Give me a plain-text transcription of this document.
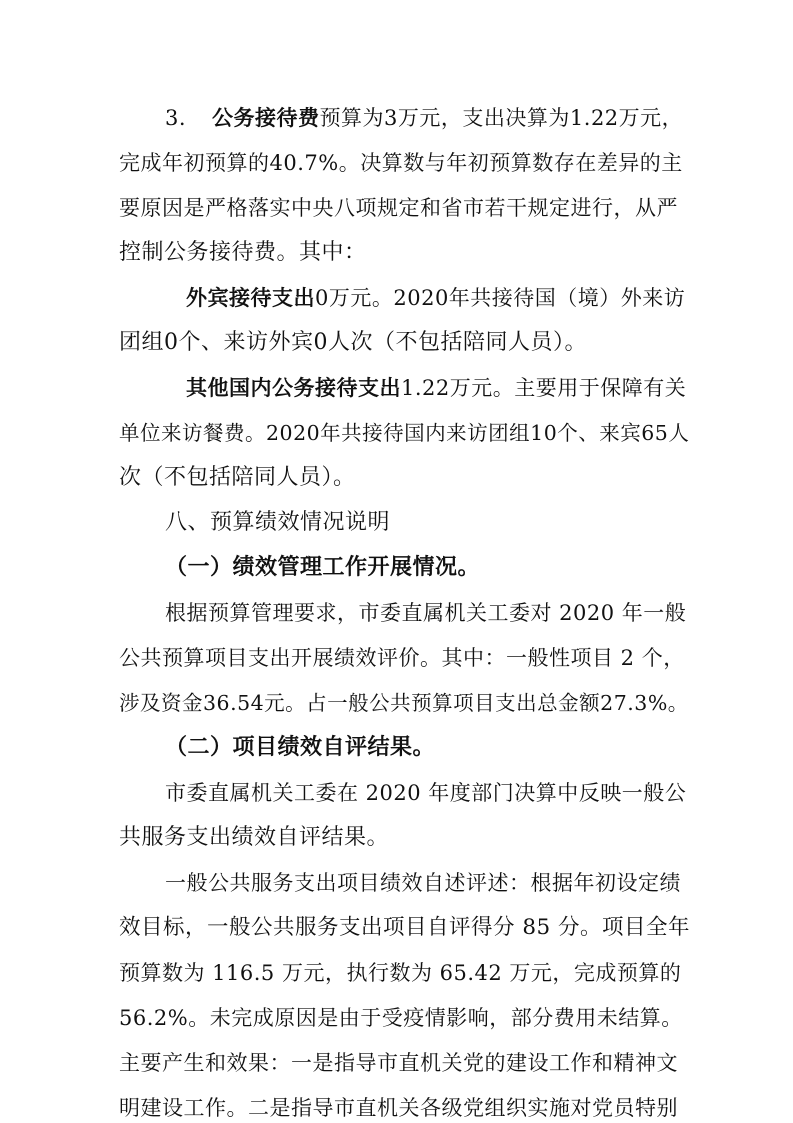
3. 公务接待费预算为3万元，支出决算为1.22万元，
完成年初预算的40.7%。决算数与年初预算数存在差异的主
要原因是严格落实中央八项规定和省市若干规定进行，从严
控制公务接待费。其中：
外宾接待支出0万元。2020年共接待国（境）外来访
团组0个、来访外宾0人次（不包括陪同人员）。
其他国内公务接待支出1.22万元。主要用于保障有关
单位来访餐费。2020年共接待国内来访团组10个、来宾65人
次（不包括陪同人员）。
八、预算绩效情况说明
（一）绩效管理工作开展情况。
根据预算管理要求，市委直属机关工委对 2020 年一般
公共预算项目支出开展绩效评价。其中：一般性项目 2 个，
涉及资金36.54元。占一般公共预算项目支出总金额27.3%。
（二）项目绩效自评结果。
市委直属机关工委在 2020 年度部门决算中反映一般公
共服务支出绩效自评结果。
一般公共服务支出项目绩效自述评述：根据年初设定绩
效目标，一般公共服务支出项目自评得分 85 分。项目全年
预算数为 116.5 万元，执行数为 65.42 万元，完成预算的
56.2%。未完成原因是由于受疫情影响，部分费用未结算。
主要产生和效果：一是指导市直机关党的建设工作和精神文
明建设工作。二是指导市直机关各级党组织实施对党员特别
